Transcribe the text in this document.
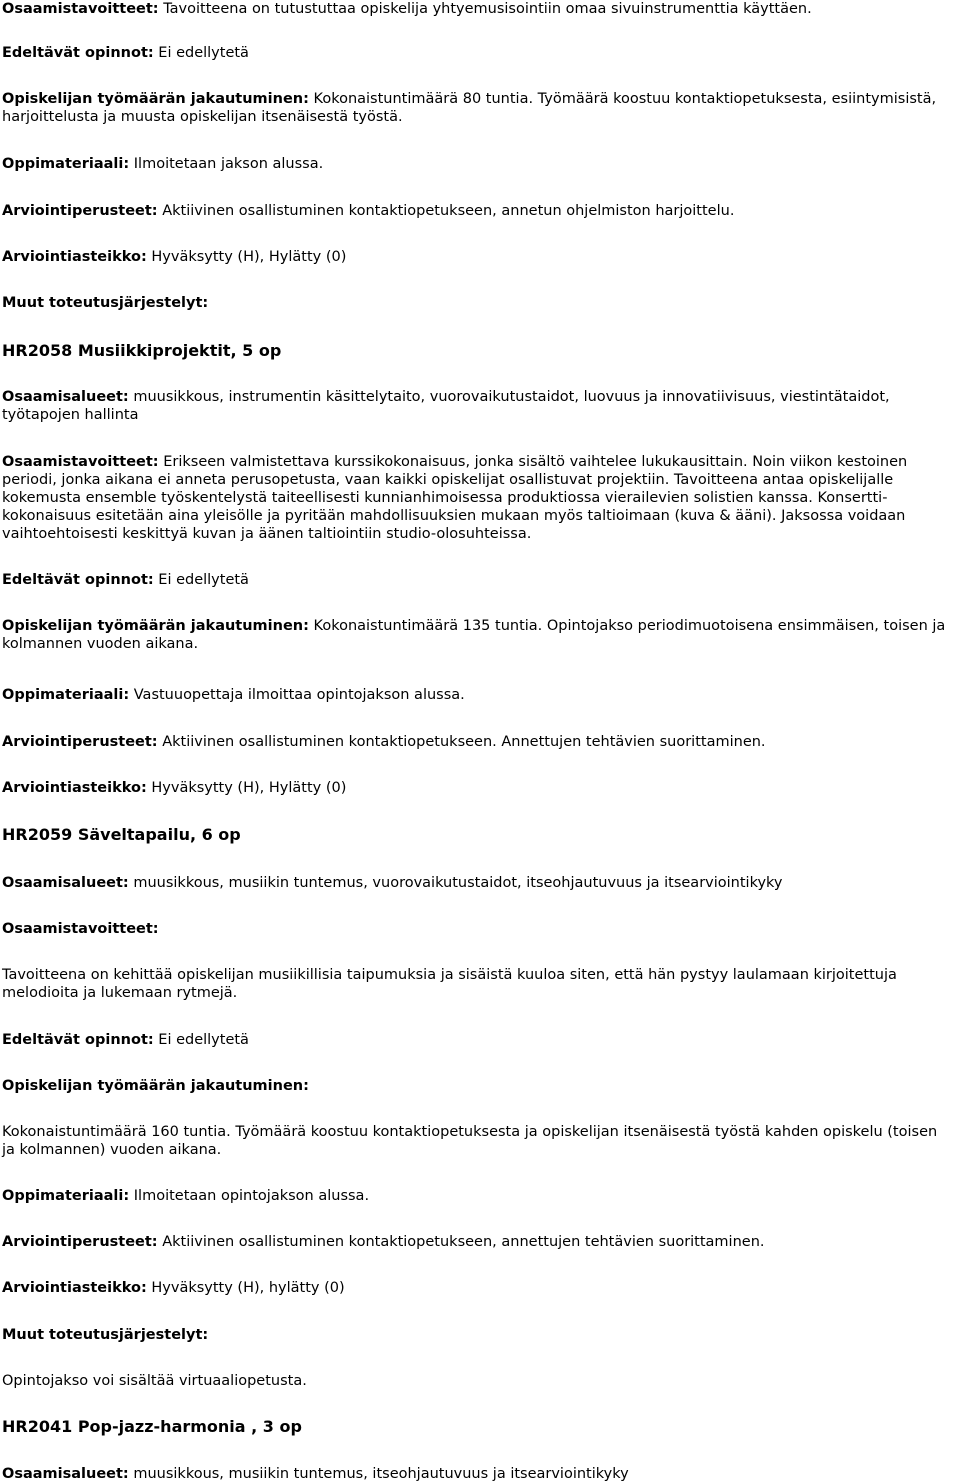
Osaamistavoitteet: Tavoitteena on tutustuttaa opiskelija yhtyemusisointiin omaa sivuinstrumenttia käyttäen.

Edeltävät opinnot: Ei edellytetä

Opiskelijan työmäärän jakautuminen: Kokonaistuntimäärä 80 tuntia. Työmäärä koostuu kontaktiopetuksesta, esiintymisistä, harjoittelusta ja muusta opiskelijan itsenäisestä työstä.

Oppimateriaali: Ilmoitetaan jakson alussa.

Arviointiperusteet: Aktiivinen osallistuminen kontaktiopetukseen, annetun ohjelmiston harjoittelu.

Arviointiasteikko: Hyväksytty (H), Hylätty (0)

Muut toteutusjärjestelyt:

HR2058 Musiikkiprojektit, 5 op

Osaamisalueet: muusikkous, instrumentin käsittelytaito, vuorovaikutustaidot, luovuus ja innovatiivisuus, viestintätaidot, työtapojen hallinta

Osaamistavoitteet: Erikseen valmistettava kurssikokonaisuus, jonka sisältö vaihtelee lukukausittain. Noin viikon kestoinen periodi, jonka aikana ei anneta perusopetusta, vaan kaikki opiskelijat osallistuvat projektiin. Tavoitteena antaa opiskelijalle kokemusta ensemble työskentelystä taiteellisesti kunnianhimoisessa produktiossa vierailevien solistien kanssa. Konsertti-kokonaisuus esitetään aina yleisölle ja pyritään mahdollisuuksien mukaan myös taltioimaan (kuva & ääni). Jaksossa voidaan vaihtoehtoisesti keskittyä kuvan ja äänen taltiointiin studio-olosuhteissa.

Edeltävät opinnot: Ei edellytetä

Opiskelijan työmäärän jakautuminen: Kokonaistuntimäärä 135 tuntia. Opintojakso periodimuotoisena ensimmäisen, toisen ja kolmannen vuoden aikana.

Oppimateriaali: Vastuuopettaja ilmoittaa opintojakson alussa.

Arviointiperusteet: Aktiivinen osallistuminen kontaktiopetukseen. Annettujen tehtävien suorittaminen.

Arviointiasteikko: Hyväksytty (H), Hylätty (0)

HR2059 Säveltapailu, 6 op

Osaamisalueet: muusikkous, musiikin tuntemus, vuorovaikutustaidot, itseohjautuvuus ja itsearviointikyky

Osaamistavoitteet:

Tavoitteena on kehittää opiskelijan musiikillisia taipumuksia ja sisäistä kuuloa siten, että hän pystyy laulamaan kirjoitettuja melodioita ja lukemaan rytmejä.

Edeltävät opinnot: Ei edellytetä

Opiskelijan työmäärän jakautuminen:

Kokonaistuntimäärä 160 tuntia. Työmäärä koostuu kontaktiopetuksesta ja opiskelijan itsenäisestä työstä kahden opiskelu (toisen ja kolmannen) vuoden aikana.

Oppimateriaali: Ilmoitetaan opintojakson alussa.

Arviointiperusteet: Aktiivinen osallistuminen kontaktiopetukseen, annettujen tehtävien suorittaminen.

Arviointiasteikko: Hyväksytty (H), hylätty (0)

Muut toteutusjärjestelyt:

Opintojakso voi sisältää virtuaaliopetusta.

HR2041 Pop-jazz-harmonia , 3 op

Osaamisalueet: muusikkous, musiikin tuntemus, itseohjautuvuus ja itsearviointikyky
